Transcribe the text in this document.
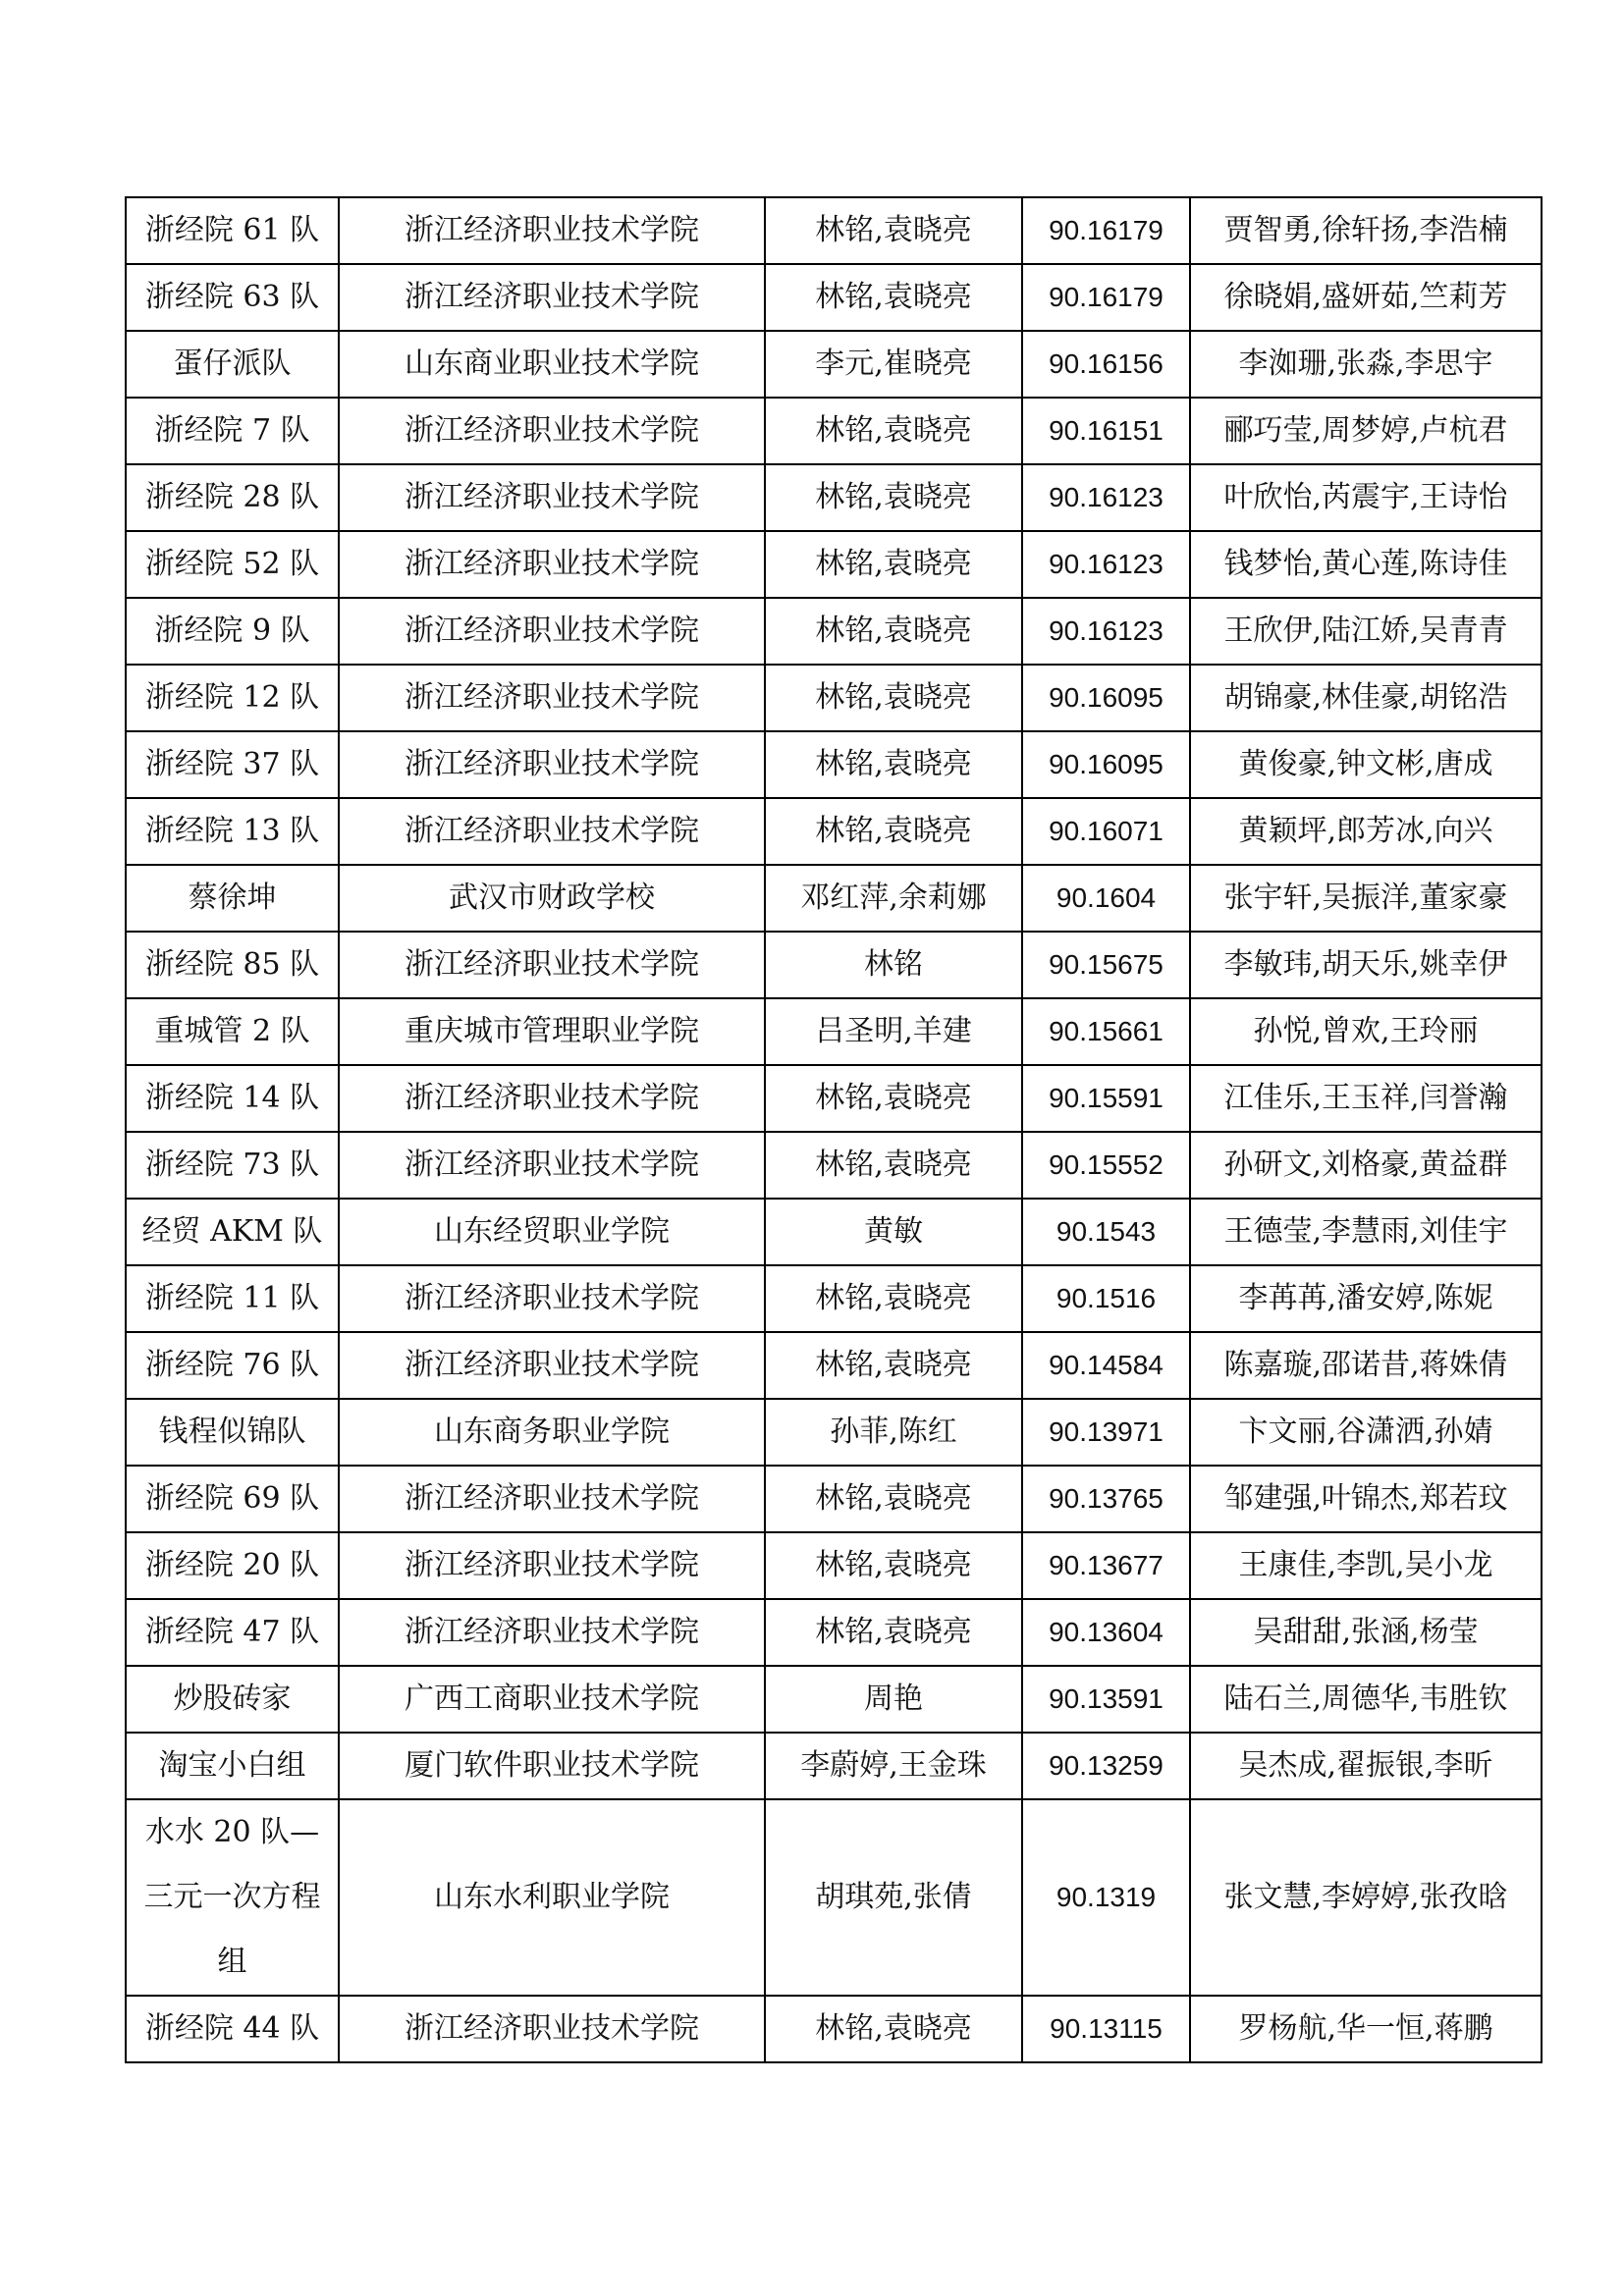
浙经院 61 队	浙江经济职业技术学院	林铭,袁晓亮	90.16179	贾智勇,徐轩扬,李浩楠
浙经院 63 队	浙江经济职业技术学院	林铭,袁晓亮	90.16179	徐晓娟,盛妍茹,竺莉芳
蛋仔派队	山东商业职业技术学院	李元,崔晓亮	90.16156	李洳珊,张淼,李思宇
浙经院 7 队	浙江经济职业技术学院	林铭,袁晓亮	90.16151	郦巧莹,周梦婷,卢杭君
浙经院 28 队	浙江经济职业技术学院	林铭,袁晓亮	90.16123	叶欣怡,芮震宇,王诗怡
浙经院 52 队	浙江经济职业技术学院	林铭,袁晓亮	90.16123	钱梦怡,黄心莲,陈诗佳
浙经院 9 队	浙江经济职业技术学院	林铭,袁晓亮	90.16123	王欣伊,陆江娇,吴青青
浙经院 12 队	浙江经济职业技术学院	林铭,袁晓亮	90.16095	胡锦豪,林佳豪,胡铭浩
浙经院 37 队	浙江经济职业技术学院	林铭,袁晓亮	90.16095	黄俊豪,钟文彬,唐成
浙经院 13 队	浙江经济职业技术学院	林铭,袁晓亮	90.16071	黄颖坪,郎芳冰,向兴
蔡徐坤	武汉市财政学校	邓红萍,余莉娜	90.1604	张宇轩,吴振洋,董家豪
浙经院 85 队	浙江经济职业技术学院	林铭	90.15675	李敏玮,胡天乐,姚幸伊
重城管 2 队	重庆城市管理职业学院	吕圣明,羊建	90.15661	孙悦,曾欢,王玲丽
浙经院 14 队	浙江经济职业技术学院	林铭,袁晓亮	90.15591	江佳乐,王玉祥,闫誉瀚
浙经院 73 队	浙江经济职业技术学院	林铭,袁晓亮	90.15552	孙研文,刘格豪,黄益群
经贸 AKM 队	山东经贸职业学院	黄敏	90.1543	王德莹,李慧雨,刘佳宇
浙经院 11 队	浙江经济职业技术学院	林铭,袁晓亮	90.1516	李苒苒,潘安婷,陈妮
浙经院 76 队	浙江经济职业技术学院	林铭,袁晓亮	90.14584	陈嘉璇,邵诺昔,蒋姝倩
钱程似锦队	山东商务职业学院	孙菲,陈红	90.13971	卞文丽,谷潇洒,孙婧
浙经院 69 队	浙江经济职业技术学院	林铭,袁晓亮	90.13765	邹建强,叶锦杰,郑若玟
浙经院 20 队	浙江经济职业技术学院	林铭,袁晓亮	90.13677	王康佳,李凯,吴小龙
浙经院 47 队	浙江经济职业技术学院	林铭,袁晓亮	90.13604	吴甜甜,张涵,杨莹
炒股砖家	广西工商职业技术学院	周艳	90.13591	陆石兰,周德华,韦胜钦
淘宝小白组	厦门软件职业技术学院	李蔚婷,王金珠	90.13259	吴杰成,翟振银,李昕
水水 20 队—三元一次方程组	山东水利职业学院	胡琪苑,张倩	90.1319	张文慧,李婷婷,张孜晗
浙经院 44 队	浙江经济职业技术学院	林铭,袁晓亮	90.13115	罗杨航,华一恒,蒋鹏
